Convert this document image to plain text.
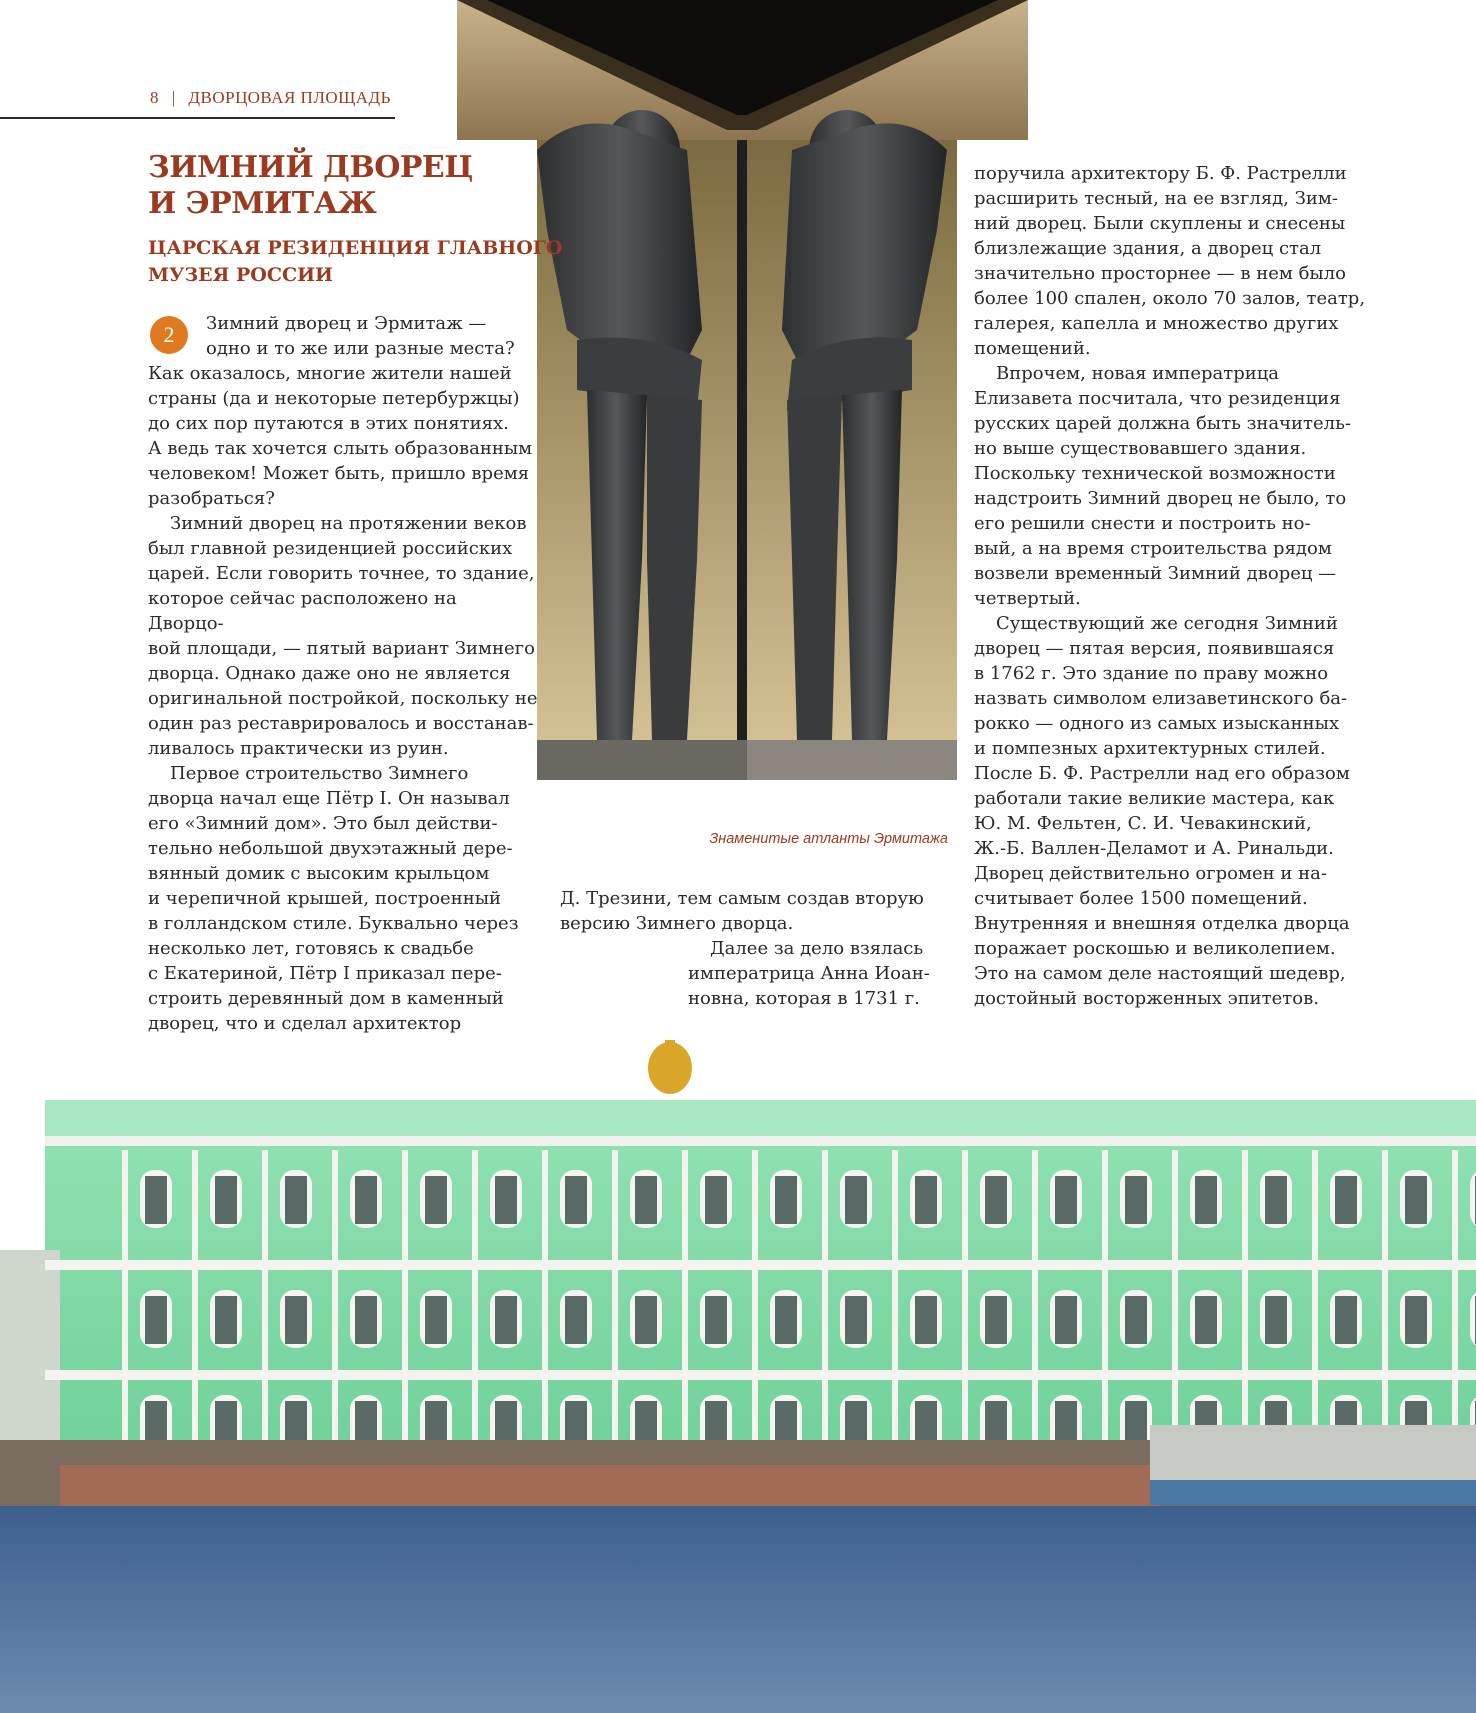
8 | ДВОРЦОВАЯ ПЛОЩАДЬ
ЗИМНИЙ ДВОРЕЦ
И ЭРМИТАЖ
ЦАРСКАЯ РЕЗИДЕНЦИЯ ГЛАВНОГО
МУЗЕЯ РОССИИ
2	Зимний дворец и Эрмитаж —

одно и то же или разные места?

Как оказалось, многие жители нашей

страны (да и некоторые петербуржцы)

до сих пор путаются в этих понятиях.

А ведь так хочется слыть образованным

человеком! Может быть, пришло время

разобраться?

Зимний дворец на протяжении веков

был главной резиденцией российских

царей. Если говорить точнее, то здание,

которое сейчас расположено на Дворцо-

вой площади, — пятый вариант Зимнего

дворца. Однако даже оно не является

оригинальной постройкой, поскольку не

один раз реставрировалось и восстанав-

ливалось практически из руин.

Первое строительство Зимнего

дворца начал еще Пётр I. Он называл

его «Зимний дом». Это был действи-

тельно небольшой двухэтажный дере-

вянный домик с высоким крыльцом

и черепичной крышей, построенный

в голландском стиле. Буквально через

несколько лет, готовясь к свадьбе

с Екатериной, Пётр I приказал пере-

строить деревянный дом в каменный

дворец, что и сделал архитектор

Д. Трезини, тем самым создав вторую

версию Зимнего дворца.

Далее за дело взялась

императрица Анна Иоан-

новна, которая в 1731 г.

поручила архитектору Б. Ф. Растрелли

расширить тесный, на ее взгляд, Зим-

ний дворец. Были скуплены и снесены

близлежащие здания, а дворец стал

значительно просторнее — в нем было

более 100 спален, около 70 залов, театр,

галерея, капелла и множество других

помещений.

Впрочем, новая императрица

Елизавета посчитала, что резиденция

русских царей должна быть значитель-

но выше существовавшего здания.

Поскольку технической возможности

надстроить Зимний дворец не было, то

его решили снести и построить но-

вый, а на время строительства рядом

возвели временный Зимний дворец —

четвертый.

Существующий же сегодня Зимний

дворец — пятая версия, появившаяся

в 1762 г. Это здание по праву можно

назвать символом елизаветинского ба-

рокко — одного из самых изысканных

и помпезных архитектурных стилей.

После Б. Ф. Растрелли над его образом

работали такие великие мастера, как

Ю. М. Фельтен, С. И. Чевакинский,

Ж.-Б. Валлен-Деламот и А. Ринальди.

Дворец действительно огромен и на-

считывает более 1500 помещений.

Внутренняя и внешняя отделка дворца

поражает роскошью и великолепием.

Это на самом деле настоящий шедевр,

достойный восторженных эпитетов.

Знаменитые атланты Эрмитажа
